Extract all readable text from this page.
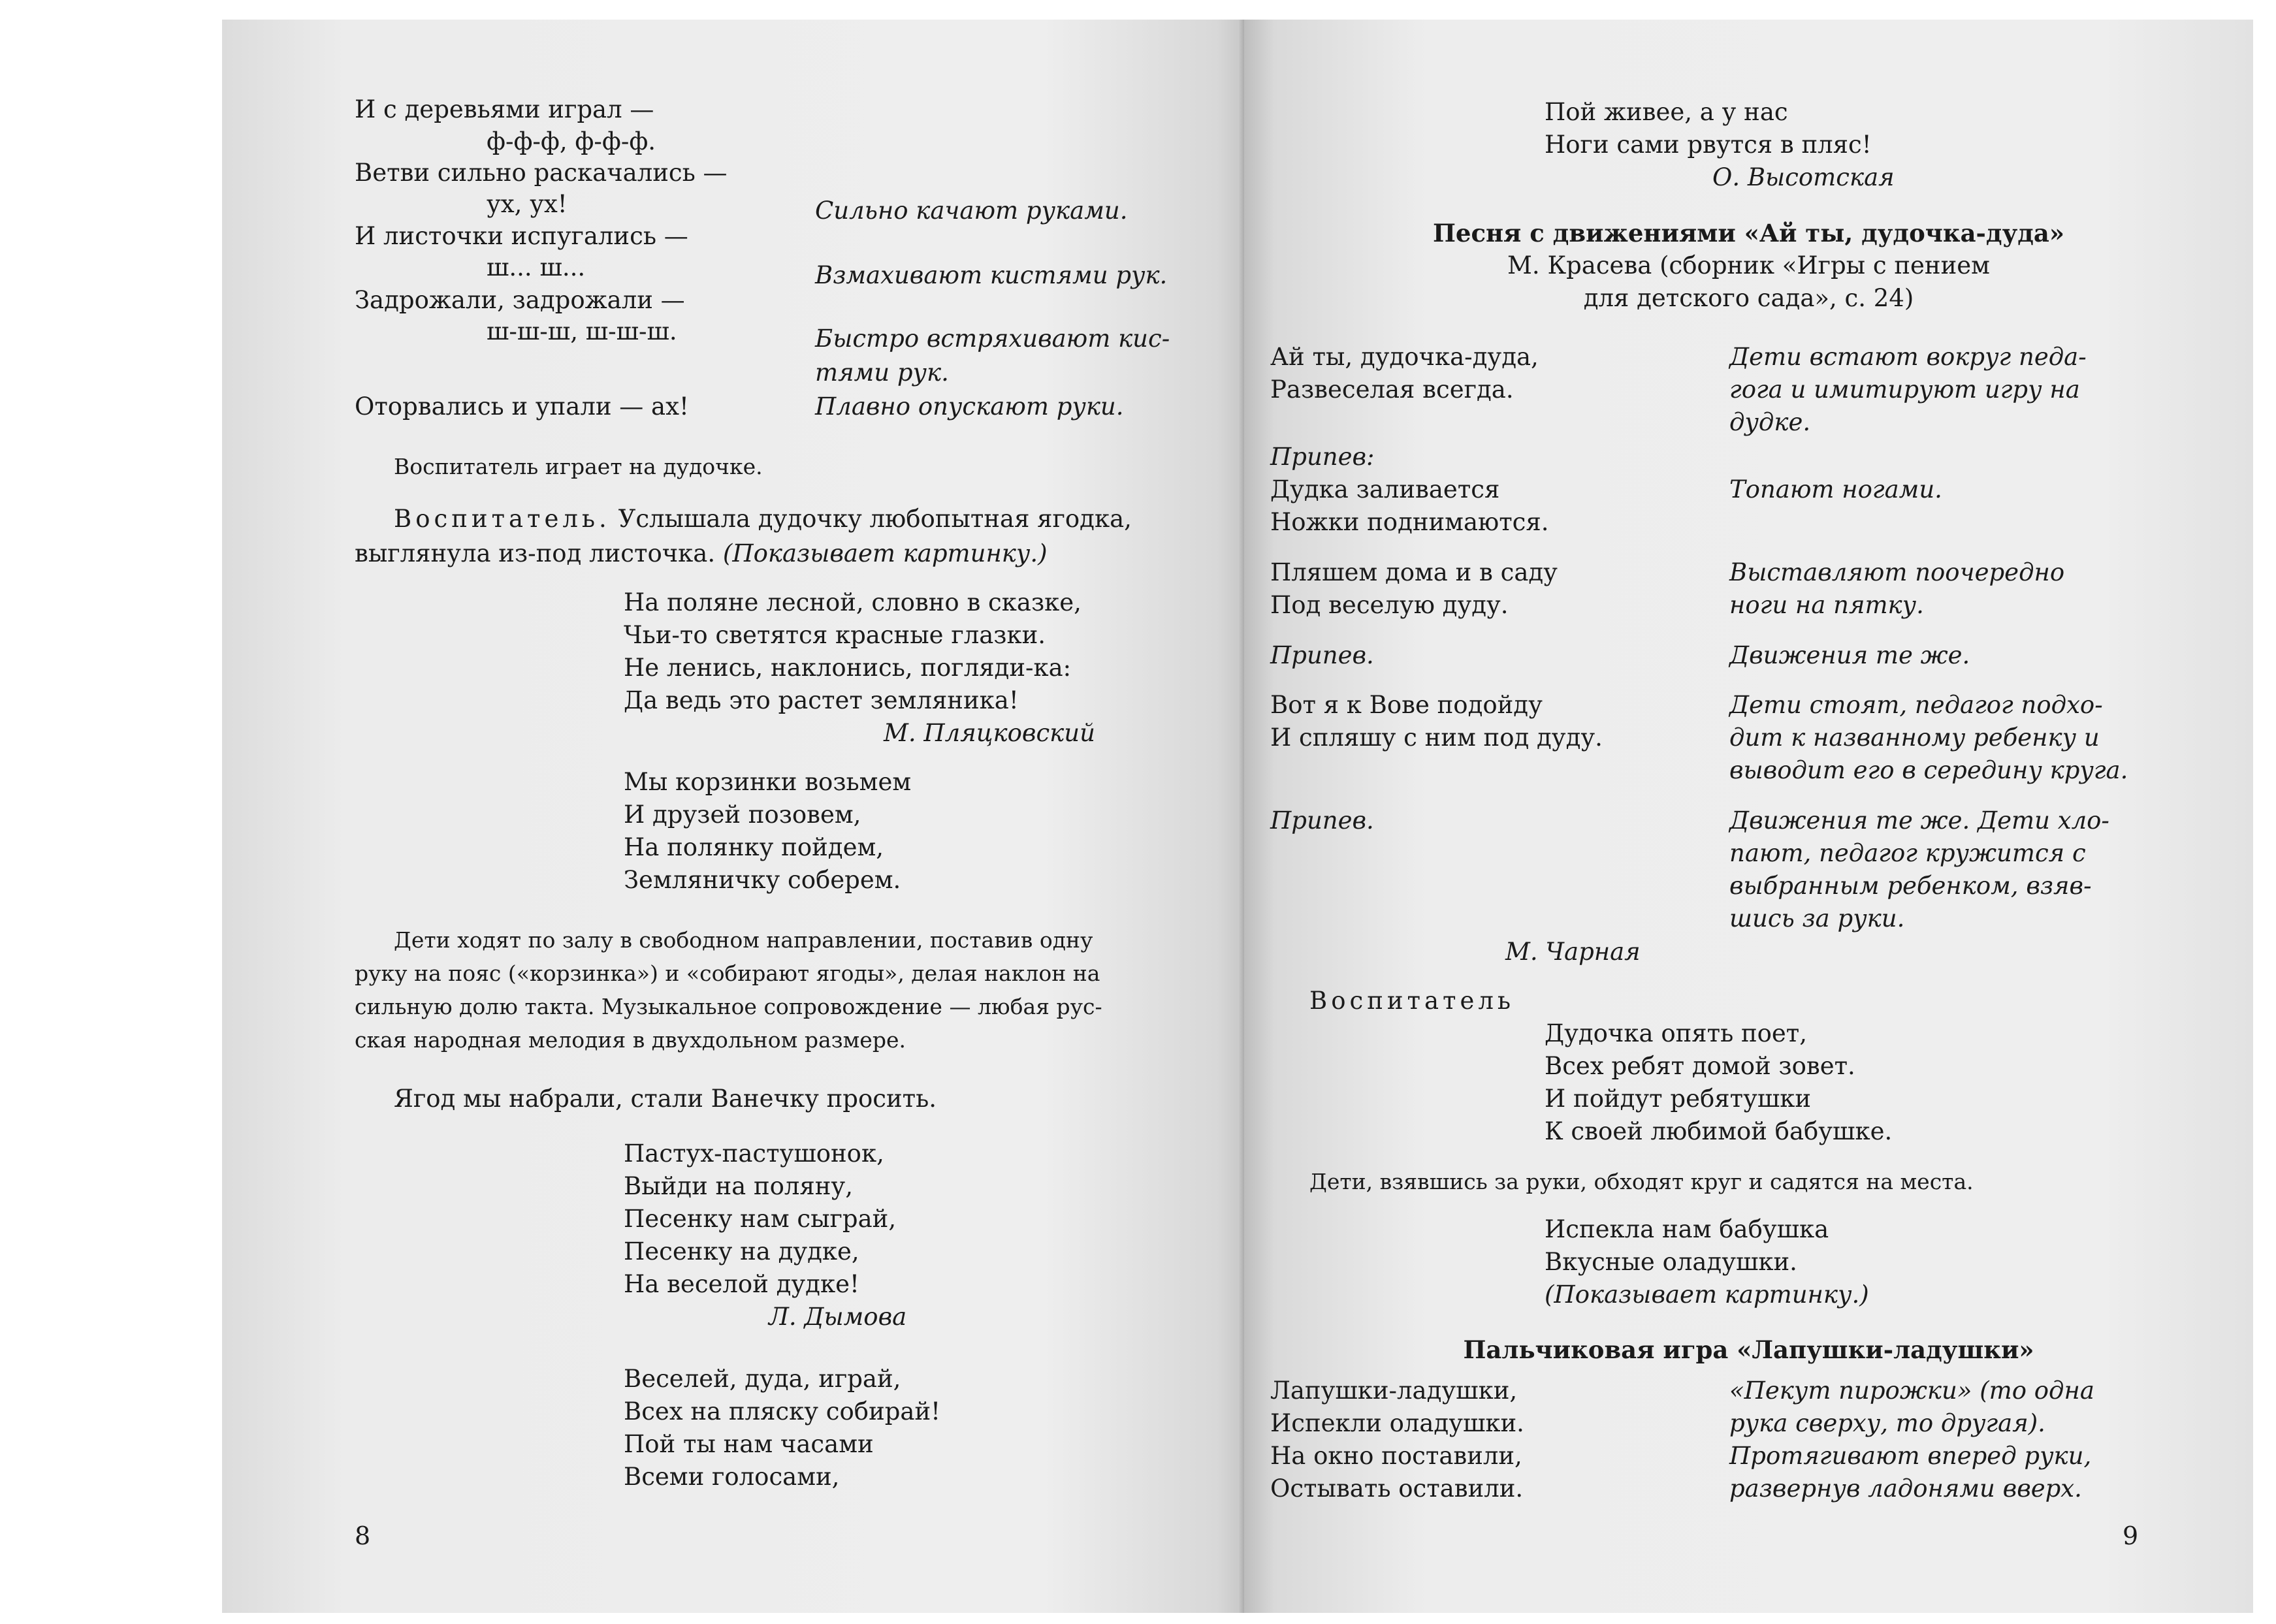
И с деревьями играл —
ф-ф-ф, ф-ф-ф.
Ветви сильно раскачались —
ух, ух!
И листочки испугались —
ш... ш...
Задрожали, задрожали —
ш-ш-ш, ш-ш-ш.
Оторвались и упали — ах!
Сильно качают руками.
Взмахивают кистями рук.
Быстро встряхивают кис-
тями рук.
Плавно опускают руки.
Воспитатель играет на дудочке.
Воспитатель. Услышала дудочку любопытная ягодка,
выглянула из-под листочка. (Показывает картинку.)
На поляне лесной, словно в сказке,
Чьи-то светятся красные глазки.
Не ленись, наклонись, погляди-ка:
Да ведь это растет земляника!
М. Пляцковский
Мы корзинки возьмем
И друзей позовем,
На полянку пойдем,
Земляничку соберем.
Дети ходят по залу в свободном направлении, поставив одну
руку на пояс («корзинка») и «собирают ягоды», делая наклон на
сильную долю такта. Музыкальное сопровождение — любая рус-
ская народная мелодия в двухдольном размере.
Ягод мы набрали, стали Ванечку просить.
Пастух-пастушонок,
Выйди на поляну,
Песенку нам сыграй,
Песенку на дудке,
На веселой дудке!
Л. Дымова
Веселей, дуда, играй,
Всех на пляску собирай!
Пой ты нам часами
Всеми голосами,
8
Пой живее, а у нас
Ноги сами рвутся в пляс!
О. Высотская
Песня с движениями «Ай ты, дудочка-дуда»
М. Красева (сборник «Игры с пением
для детского сада», с. 24)
Ай ты, дудочка-дуда,
Развеселая всегда.
Припев:
Дудка заливается
Ножки поднимаются.
Пляшем дома и в саду
Под веселую дуду.
Припев.
Вот я к Вове подойду
И спляшу с ним под дуду.
Припев.
Дети встают вокруг педа-
гога и имитируют игру на
дудке.
Топают ногами.
Выставляют поочередно
ноги на пятку.
Движения те же.
Дети стоят, педагог подхо-
дит к названному ребенку и
выводит его в середину круга.
Движения те же. Дети хло-
пают, педагог кружится с
выбранным ребенком, взяв-
шись за руки.
М. Чарная
Воспитатель
Дудочка опять поет,
Всех ребят домой зовет.
И пойдут ребятушки
К своей любимой бабушке.
Дети, взявшись за руки, обходят круг и садятся на места.
Испекла нам бабушка
Вкусные оладушки.
(Показывает картинку.)
Пальчиковая игра «Лапушки-ладушки»
Лапушки-ладушки,
Испекли оладушки.
На окно поставили,
Остывать оставили.
«Пекут пирожки» (то одна
рука сверху, то другая).
Протягивают вперед руки,
развернув ладонями вверх.
9
